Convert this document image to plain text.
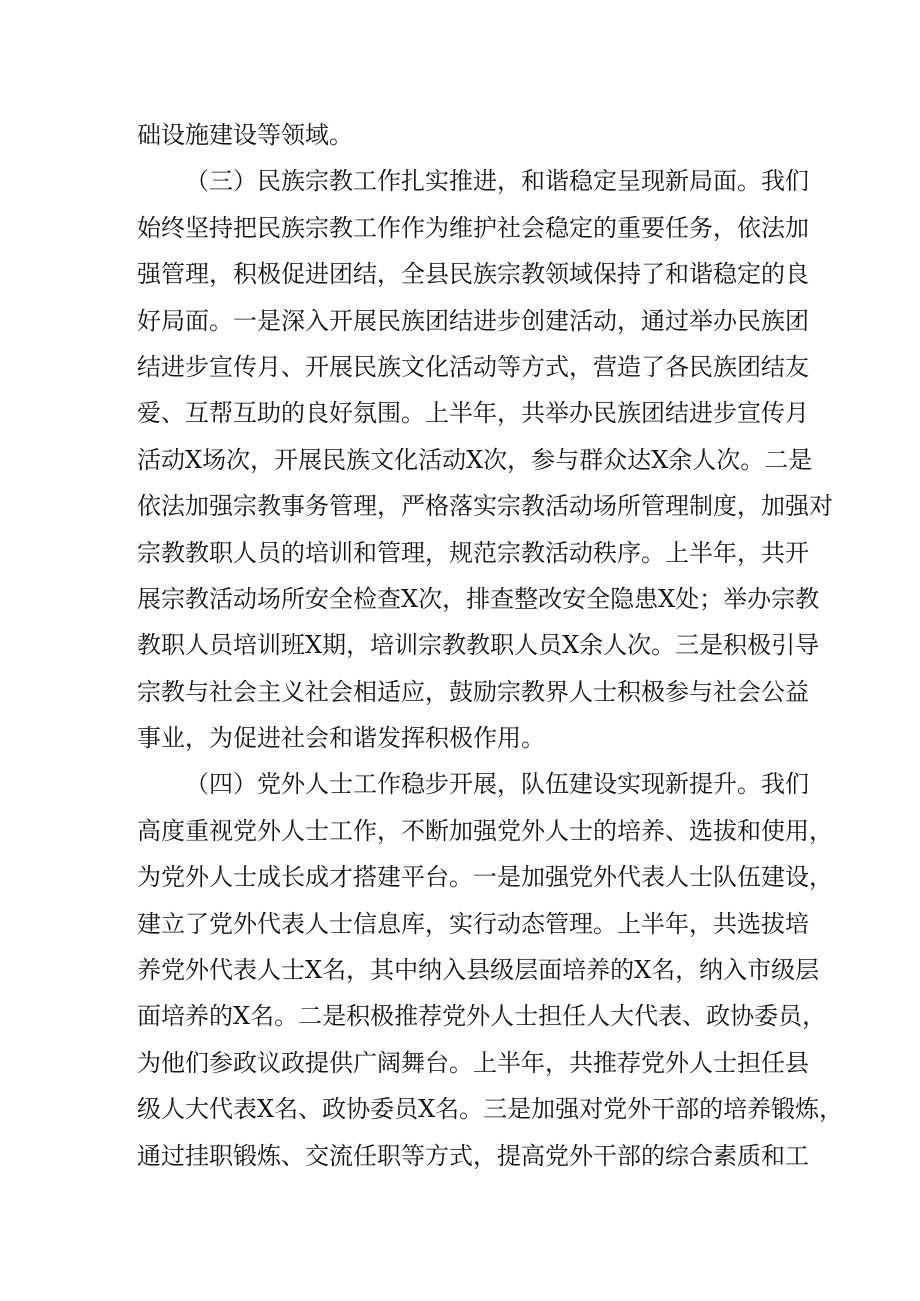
础设施建设等领域。
（三）民族宗教工作扎实推进，和谐稳定呈现新局面。我们
始终坚持把民族宗教工作作为维护社会稳定的重要任务，依法加
强管理，积极促进团结，全县民族宗教领域保持了和谐稳定的良
好局面。一是深入开展民族团结进步创建活动，通过举办民族团
结进步宣传月、开展民族文化活动等方式，营造了各民族团结友
爱、互帮互助的良好氛围。上半年，共举办民族团结进步宣传月
活动X场次，开展民族文化活动X次，参与群众达X余人次。二是
依法加强宗教事务管理，严格落实宗教活动场所管理制度，加强对
宗教教职人员的培训和管理，规范宗教活动秩序。上半年，共开
展宗教活动场所安全检查X次，排查整改安全隐患X处；举办宗教
教职人员培训班X期，培训宗教教职人员X余人次。三是积极引导
宗教与社会主义社会相适应，鼓励宗教界人士积极参与社会公益
事业，为促进社会和谐发挥积极作用。
（四）党外人士工作稳步开展，队伍建设实现新提升。我们
高度重视党外人士工作，不断加强党外人士的培养、选拔和使用，
为党外人士成长成才搭建平台。一是加强党外代表人士队伍建设，
建立了党外代表人士信息库，实行动态管理。上半年，共选拔培
养党外代表人士X名，其中纳入县级层面培养的X名，纳入市级层
面培养的X名。二是积极推荐党外人士担任人大代表、政协委员，
为他们参政议政提供广阔舞台。上半年，共推荐党外人士担任县
级人大代表X名、政协委员X名。三是加强对党外干部的培养锻炼，
通过挂职锻炼、交流任职等方式，提高党外干部的综合素质和工
